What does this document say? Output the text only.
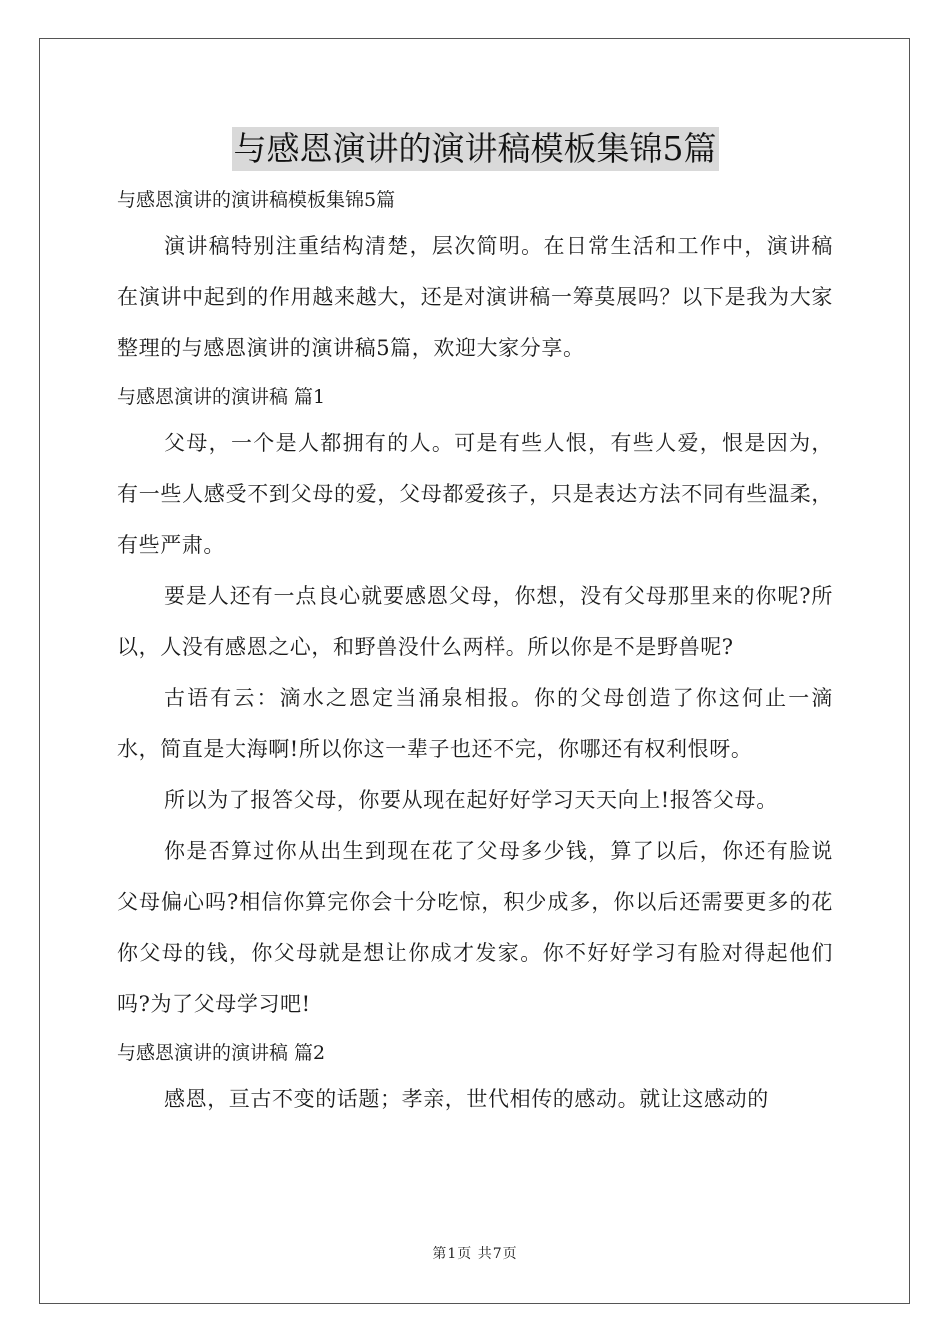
与感恩演讲的演讲稿模板集锦5篇

与感恩演讲的演讲稿模板集锦5篇

演讲稿特别注重结构清楚，层次简明。在日常生活和工作中，演讲稿在演讲中起到的作用越来越大，还是对演讲稿一筹莫展吗？以下是我为大家整理的与感恩演讲的演讲稿5篇，欢迎大家分享。

与感恩演讲的演讲稿 篇1

父母，一个是人都拥有的人。可是有些人恨，有些人爱，恨是因为，有一些人感受不到父母的爱，父母都爱孩子，只是表达方法不同有些温柔，有些严肃。

要是人还有一点良心就要感恩父母，你想，没有父母那里来的你呢?所以，人没有感恩之心，和野兽没什么两样。所以你是不是野兽呢?

古语有云：滴水之恩定当涌泉相报。你的父母创造了你这何止一滴水，简直是大海啊!所以你这一辈子也还不完，你哪还有权利恨呀。

所以为了报答父母，你要从现在起好好学习天天向上!报答父母。

你是否算过你从出生到现在花了父母多少钱，算了以后，你还有脸说父母偏心吗?相信你算完你会十分吃惊，积少成多，你以后还需要更多的花你父母的钱，你父母就是想让你成才发家。你不好好学习有脸对得起他们吗?为了父母学习吧!

与感恩演讲的演讲稿 篇2

感恩，亘古不变的话题；孝亲，世代相传的感动。就让这感动的

第1页 共7页
